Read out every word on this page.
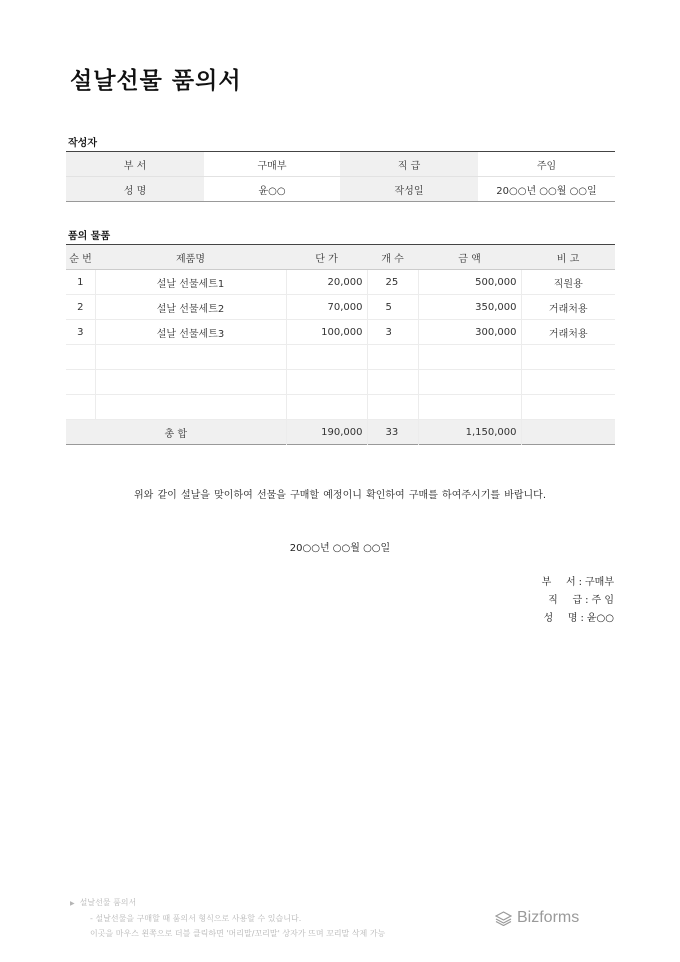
설날선물 품의서
작성자
부 서	구매부	직 급	주임
성 명	윤○○	작성일	20○○년 ○○월 ○○일
품의 물품
순 번	제품명	단 가	개 수	금 액	비 고
1	설날 선물세트1	20,000	25	500,000	직원용
2	설날 선물세트2	70,000	5	350,000	거래처용
3	설날 선물세트3	100,000	3	300,000	거래처용

총 합		190,000	33	1,150,000	
위와 같이 설날을 맞이하여 선물을 구매할 예정이니 확인하여 구매를 하여주시기를 바랍니다.
20○○년 ○○월 ○○일
부 서 : 구매부
직 급 : 주 임
성 명 : 윤○○
▶ 설날선물 품의서
- 설날선물을 구매할 때 품의서 형식으로 사용할 수 있습니다.
이곳을 마우스 왼쪽으로 더블 클릭하면 '머리말/꼬리말' 상자가 뜨며 꼬리말 삭제 가능
Bizforms
